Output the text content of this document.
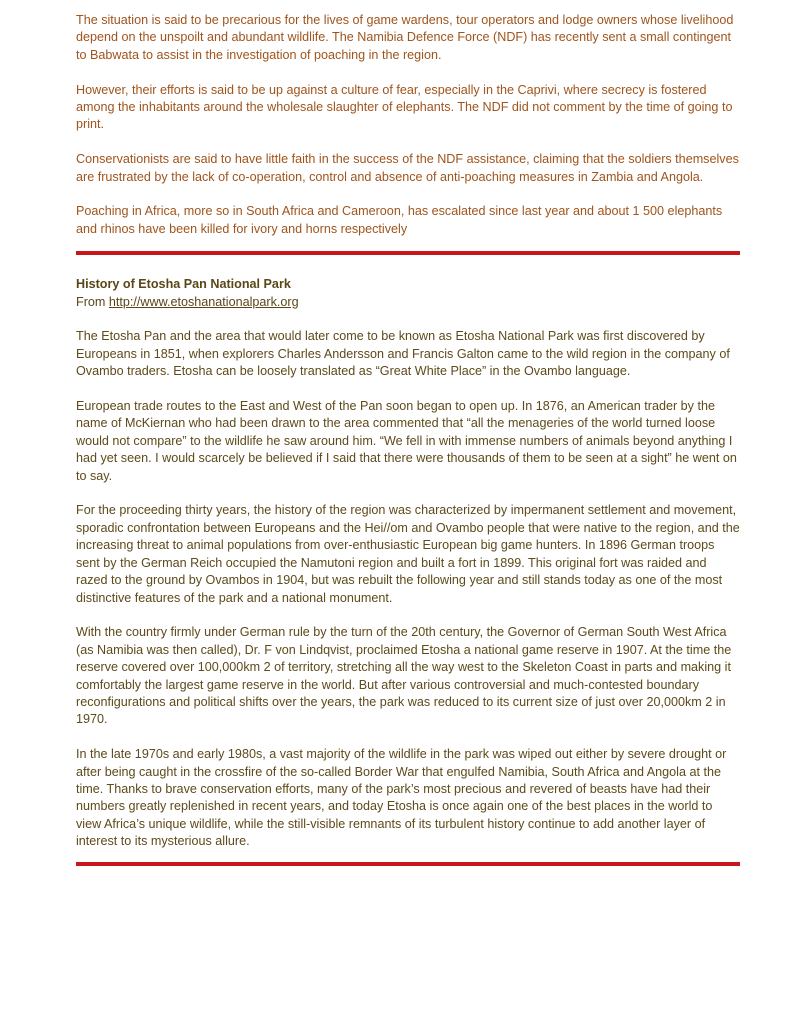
The situation is said to be precarious for the lives of game wardens, tour operators and lodge owners whose livelihood depend on the unspoilt and abundant wildlife. The Namibia Defence Force (NDF) has recently sent a small contingent to Babwata to assist in the investigation of poaching in the region.

However, their efforts is said to be up against a culture of fear, especially in the Caprivi, where secrecy is fostered among the inhabitants around the wholesale slaughter of elephants. The NDF did not comment by the time of going to print.

Conservationists are said to have little faith in the success of the NDF assistance, claiming that the soldiers themselves are frustrated by the lack of co-operation, control and absence of anti-poaching measures in Zambia and Angola.

Poaching in Africa, more so in South Africa and Cameroon, has escalated since last year and about 1 500 elephants and rhinos have been killed for ivory and horns respectively

History of Etosha Pan National Park

From http://www.etoshanationalpark.org

The Etosha Pan and the area that would later come to be known as Etosha National Park was first discovered by Europeans in 1851, when explorers Charles Andersson and Francis Galton came to the wild region in the company of Ovambo traders. Etosha can be loosely translated as “Great White Place” in the Ovambo language.

European trade routes to the East and West of the Pan soon began to open up. In 1876, an American trader by the name of McKiernan who had been drawn to the area commented that “all the menageries of the world turned loose would not compare” to the wildlife he saw around him. “We fell in with immense numbers of animals beyond anything I had yet seen. I would scarcely be believed if I said that there were thousands of them to be seen at a sight” he went on to say.

For the proceeding thirty years, the history of the region was characterized by impermanent settlement and movement, sporadic confrontation between Europeans and the Hei//om and Ovambo people that were native to the region, and the increasing threat to animal populations from over-enthusiastic European big game hunters. In 1896 German troops sent by the German Reich occupied the Namutoni region and built a fort in 1899. This original fort was raided and razed to the ground by Ovambos in 1904, but was rebuilt the following year and still stands today as one of the most distinctive features of the park and a national monument.

With the country firmly under German rule by the turn of the 20th century, the Governor of German South West Africa (as Namibia was then called), Dr. F von Lindqvist, proclaimed Etosha a national game reserve in 1907. At the time the reserve covered over 100,000km 2 of territory, stretching all the way west to the Skeleton Coast in parts and making it comfortably the largest game reserve in the world. But after various controversial and much-contested boundary reconfigurations and political shifts over the years, the park was reduced to its current size of just over 20,000km 2 in 1970.

In the late 1970s and early 1980s, a vast majority of the wildlife in the park was wiped out either by severe drought or after being caught in the crossfire of the so-called Border War that engulfed Namibia, South Africa and Angola at the time. Thanks to brave conservation efforts, many of the park’s most precious and revered of beasts have had their numbers greatly replenished in recent years, and today Etosha is once again one of the best places in the world to view Africa’s unique wildlife, while the still-visible remnants of its turbulent history continue to add another layer of interest to its mysterious allure.
